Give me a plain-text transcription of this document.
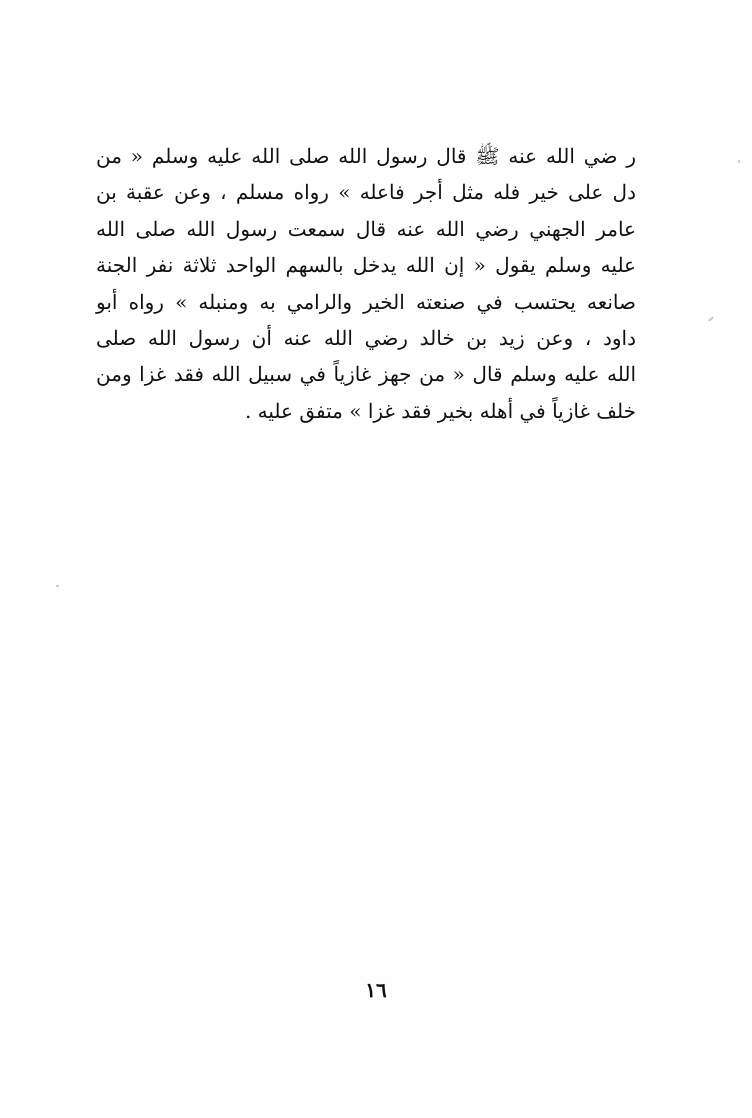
ر ضي الله عنه ﷺ قال رسول الله صلى الله عليه وسلم « من
دل على خير فله مثل أجر فاعله » رواه مسلم ، وعن عقبة بن
عامر الجهني رضي الله عنه قال سمعت رسول الله صلى الله
عليه وسلم يقول « إن الله يدخل بالسهم الواحد ثلاثة نفر الجنة
صانعه يحتسب في صنعته الخير والرامي به ومنبله » رواه أبو
داود ، وعن زيد بن خالد رضي الله عنه أن رسول الله صلى
الله عليه وسلم قال « من جهز غازياً في سبيل الله فقد غزا ومن
خلف غازياً في أهله بخير فقد غزا » متفق عليه .
١٦
